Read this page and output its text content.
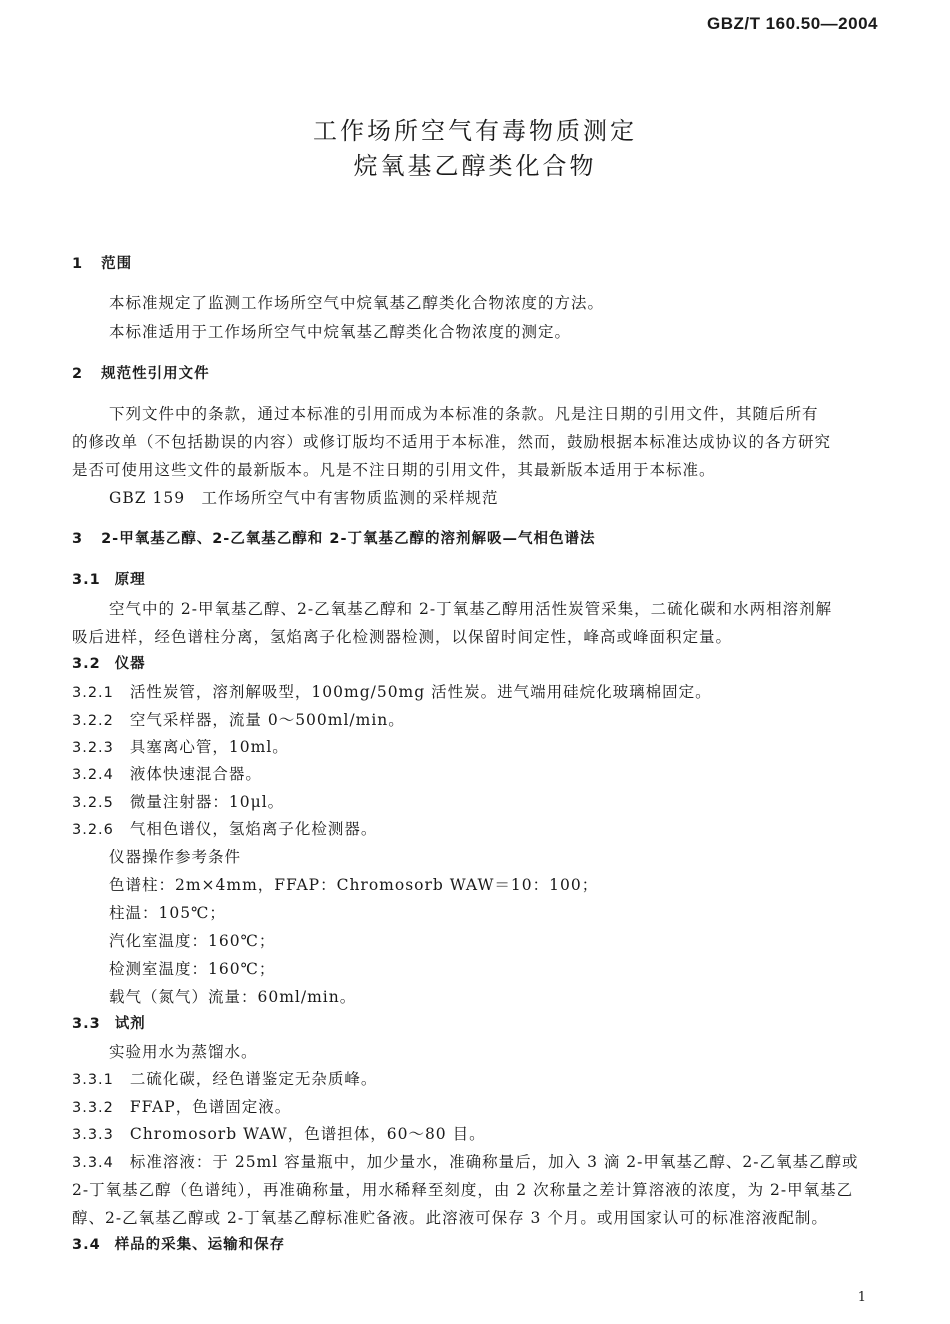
GBZ/T 160.50—2004
工作场所空气有毒物质测定
烷氧基乙醇类化合物
1 范围
本标准规定了监测工作场所空气中烷氧基乙醇类化合物浓度的方法。
本标准适用于工作场所空气中烷氧基乙醇类化合物浓度的测定。
2 规范性引用文件
下列文件中的条款，通过本标准的引用而成为本标准的条款。凡是注日期的引用文件，其随后所有
的修改单（不包括勘误的内容）或修订版均不适用于本标准，然而，鼓励根据本标准达成协议的各方研究
是否可使用这些文件的最新版本。凡是不注日期的引用文件，其最新版本适用于本标准。
GBZ 159　工作场所空气中有害物质监测的采样规范
3 2-甲氧基乙醇、2-乙氧基乙醇和 2-丁氧基乙醇的溶剂解吸—气相色谱法
3.1 原理
空气中的 2-甲氧基乙醇、2-乙氧基乙醇和 2-丁氧基乙醇用活性炭管采集，二硫化碳和水两相溶剂解
吸后进样，经色谱柱分离，氢焰离子化检测器检测，以保留时间定性，峰高或峰面积定量。
3.2 仪器
3.2.1 活性炭管，溶剂解吸型，100mg/50mg 活性炭。进气端用硅烷化玻璃棉固定。
3.2.2 空气采样器，流量 0～500ml/min。
3.2.3 具塞离心管，10ml。
3.2.4 液体快速混合器。
3.2.5 微量注射器：10μl。
3.2.6 气相色谱仪，氢焰离子化检测器。
仪器操作参考条件
色谱柱：2m×4mm，FFAP：Chromosorb WAW＝10：100；
柱温：105℃；
汽化室温度：160℃；
检测室温度：160℃；
载气（氮气）流量：60ml/min。
3.3 试剂
实验用水为蒸馏水。
3.3.1 二硫化碳，经色谱鉴定无杂质峰。
3.3.2 FFAP，色谱固定液。
3.3.3 Chromosorb WAW，色谱担体，60～80 目。
3.3.4 标准溶液：于 25ml 容量瓶中，加少量水，准确称量后，加入 3 滴 2-甲氧基乙醇、2-乙氧基乙醇或
2-丁氧基乙醇（色谱纯），再准确称量，用水稀释至刻度，由 2 次称量之差计算溶液的浓度，为 2-甲氧基乙
醇、2-乙氧基乙醇或 2-丁氧基乙醇标准贮备液。此溶液可保存 3 个月。或用国家认可的标准溶液配制。
3.4 样品的采集、运输和保存
1
